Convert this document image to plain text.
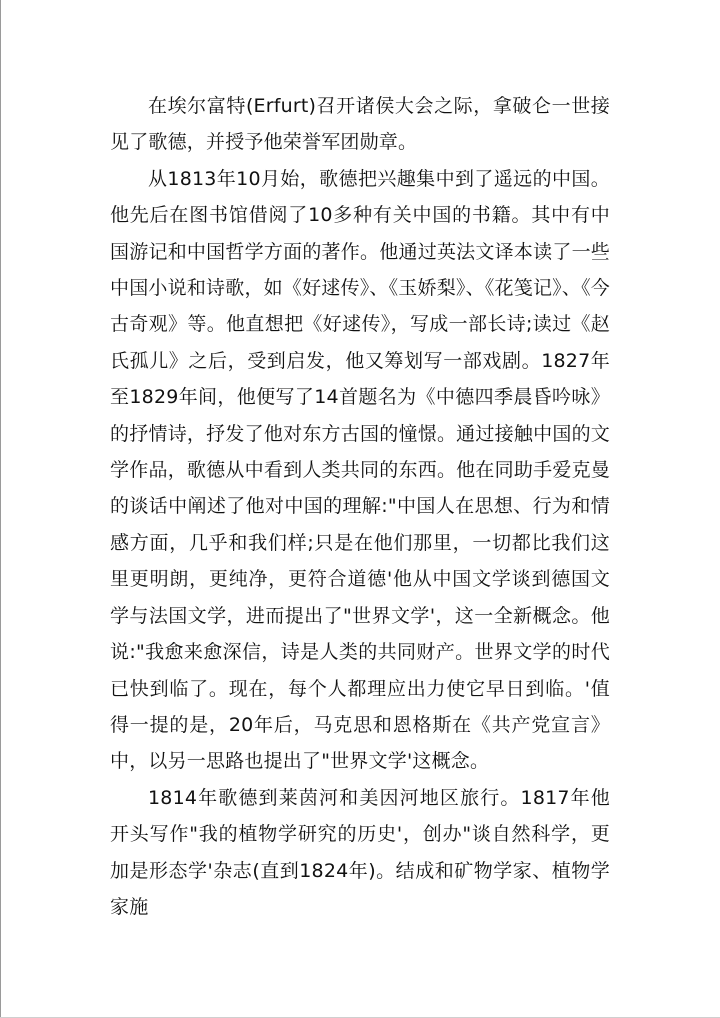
在埃尔富特(Erfurt)召开诸侯大会之际，拿破仑一世接见了歌德，并授予他荣誉军团勋章。

从1813年10月始，歌德把兴趣集中到了遥远的中国。他先后在图书馆借阅了10多种有关中国的书籍。其中有中国游记和中国哲学方面的著作。他通过英法文译本读了一些中国小说和诗歌，如《好逑传》、《玉娇梨》、《花笺记》、《今古奇观》等。他直想把《好逑传》，写成一部长诗;读过《赵氏孤儿》之后，受到启发，他又筹划写一部戏剧。1827年至1829年间，他便写了14首题名为《中德四季晨昏吟咏》的抒情诗，抒发了他对东方古国的憧憬。通过接触中国的文学作品，歌德从中看到人类共同的东西。他在同助手爱克曼的谈话中阐述了他对中国的理解:"中国人在思想、行为和情感方面，几乎和我们样;只是在他们那里，一切都比我们这里更明朗，更纯净，更符合道德'他从中国文学谈到德国文学与法国文学，进而提出了"世界文学'，这一全新概念。他说:"我愈来愈深信，诗是人类的共同财产。世界文学的时代已快到临了。现在，每个人都理应出力使它早日到临。'值得一提的是，20年后，马克思和恩格斯在《共产党宣言》中，以另一思路也提出了"世界文学'这概念。

1814年歌德到莱茵河和美因河地区旅行。1817年他开头写作"我的植物学研究的历史'，创办"谈自然科学，更加是形态学'杂志(直到1824年)。结成和矿物学家、植物学家施
